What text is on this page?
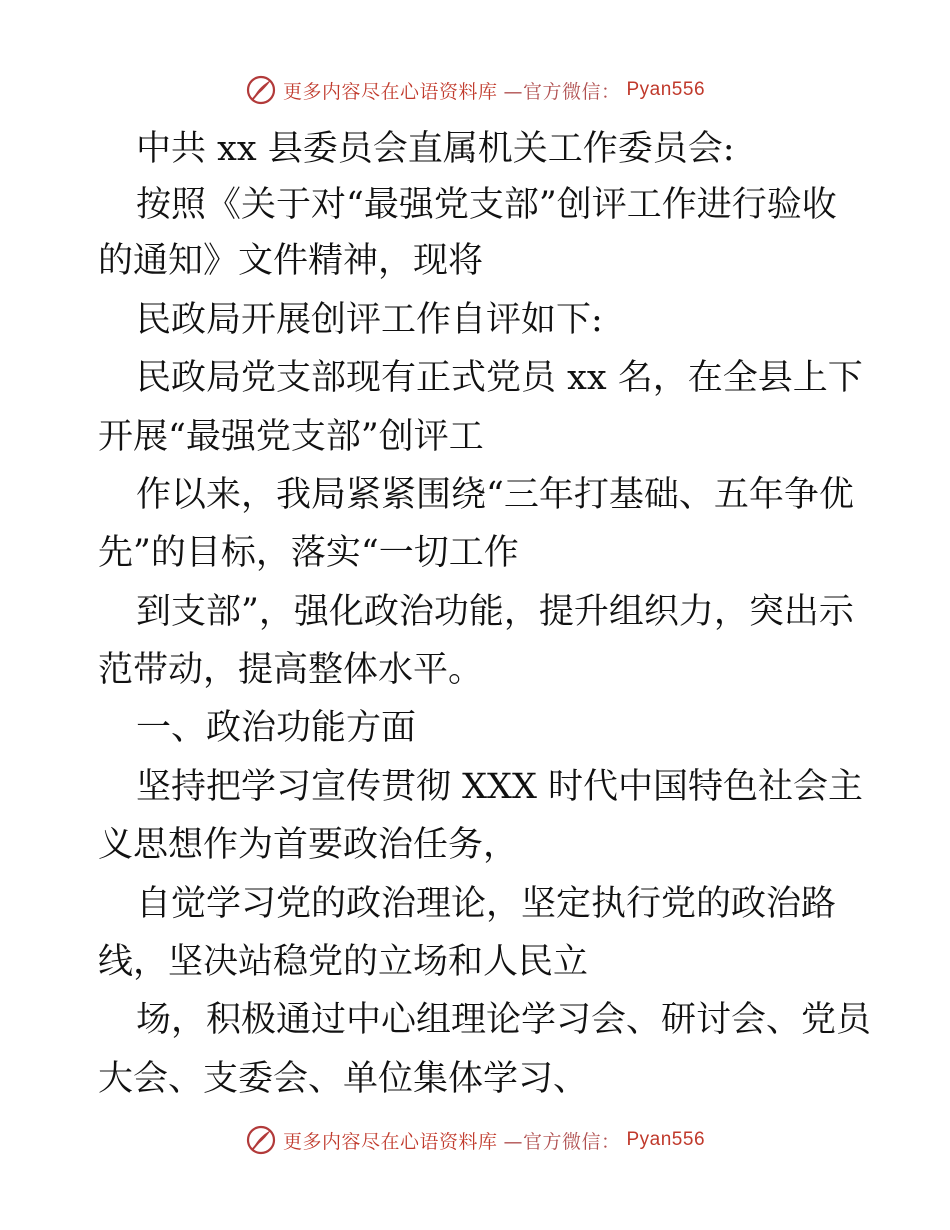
更多内容尽在心语资料库 —官方微信： Pyan556
中共 xx 县委员会直属机关工作委员会:
按照《关于对“最强党支部”创评工作进行验收
的通知》文件精神，现将
民政局开展创评工作自评如下:
民政局党支部现有正式党员 xx 名，在全县上下
开展“最强党支部”创评工
作以来，我局紧紧围绕“三年打基础、五年争优
先”的目标，落实“一切工作
到支部”，强化政治功能，提升组织力，突出示
范带动，提高整体水平。
一、政治功能方面
坚持把学习宣传贯彻 XXX 时代中国特色社会主
义思想作为首要政治任务，
自觉学习党的政治理论，坚定执行党的政治路
线，坚决站稳党的立场和人民立
场，积极通过中心组理论学习会、研讨会、党员
大会、支委会、单位集体学习、
更多内容尽在心语资料库 —官方微信： Pyan556
